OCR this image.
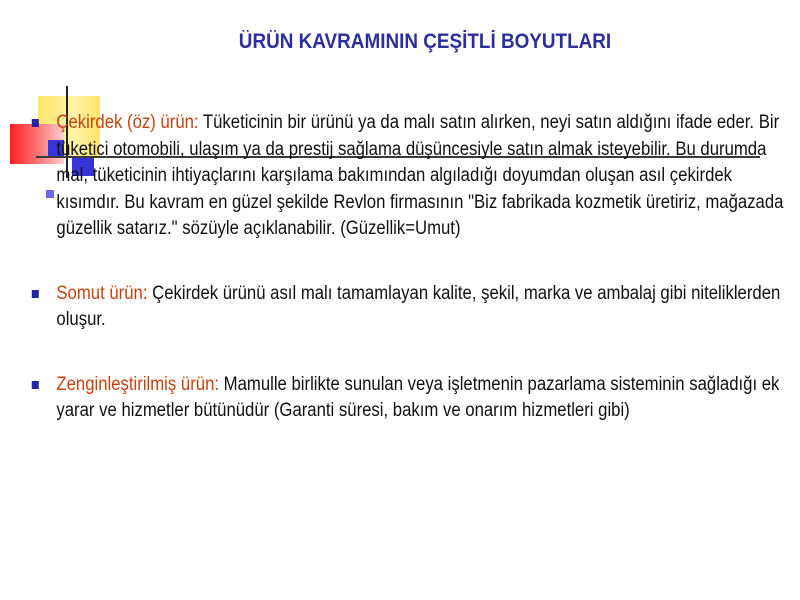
ÜRÜN KAVRAMININ ÇEŞİTLİ BOYUTLARI
Çekirdek (öz) ürün: Tüketicinin bir ürünü ya da malı satın alırken, neyi satın aldığını ifade eder. Bir tüketici otomobili, ulaşım ya da prestij sağlama düşüncesiyle satın almak isteyebilir. Bu durumda mal, tüketicinin ihtiyaçlarını karşılama bakımından algıladığı doyumdan oluşan asıl çekirdek kısımdır. Bu kavram en güzel şekilde Revlon firmasının "Biz fabrikada kozmetik üretiriz, mağazada güzellik satarız." sözüyle açıklanabilir. (Güzellik=Umut)
Somut ürün: Çekirdek ürünü asıl malı tamamlayan kalite, şekil, marka ve ambalaj gibi niteliklerden oluşur.
Zenginleştirilmiş ürün: Mamulle birlikte sunulan veya işletmenin pazarlama sisteminin sağladığı ek yarar ve hizmetler bütünüdür (Garanti süresi, bakım ve onarım hizmetleri gibi)
